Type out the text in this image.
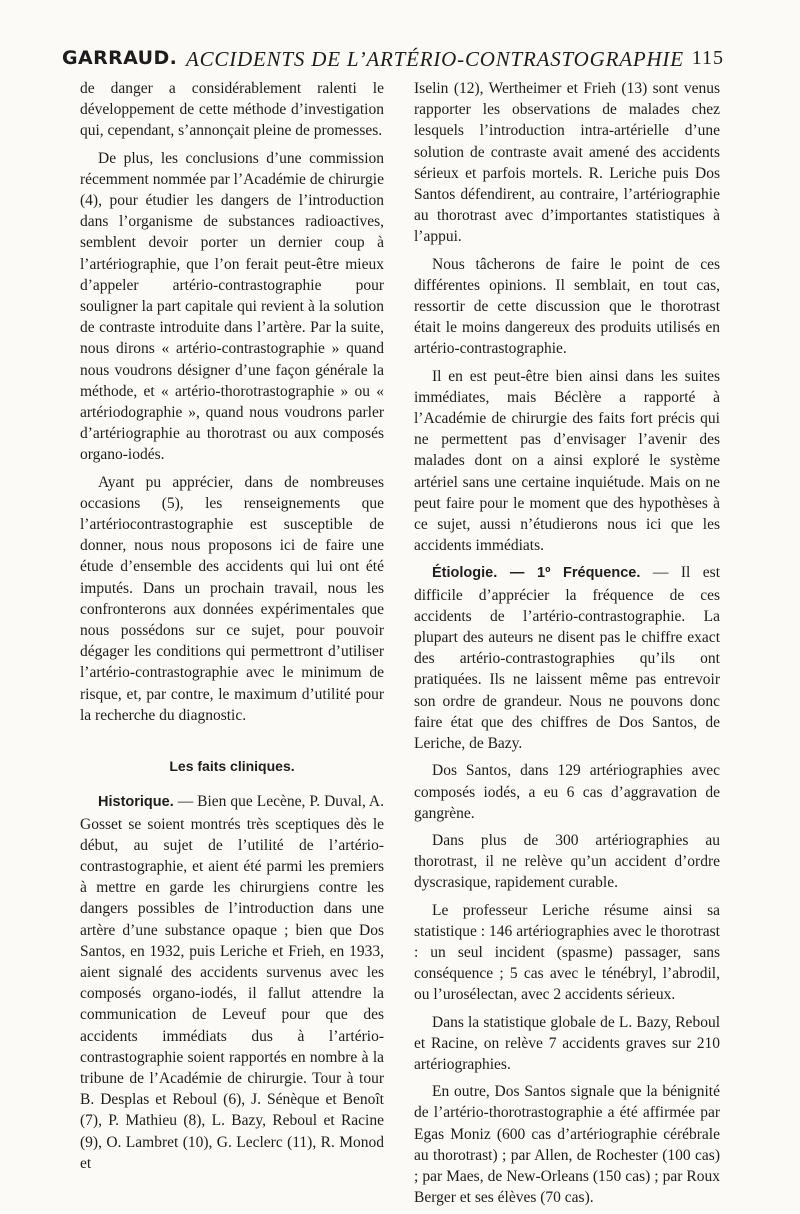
GARRAUD. ACCIDENTS DE L’ARTÉRIO-CONTRASTOGRAPHIE 115

de danger a considérablement ralenti le développement de cette méthode d’investigation qui, cependant, s’annonçait pleine de promesses.

De plus, les conclusions d’une commission récemment nommée par l’Académie de chirurgie (4), pour étudier les dangers de l’introduction dans l’organisme de substances radioactives, semblent devoir porter un dernier coup à l’artériographie, que l’on ferait peut-être mieux d’appeler artério-contrastographie pour souligner la part capitale qui revient à la solution de contraste introduite dans l’artère. Par la suite, nous dirons « artério-contrastographie » quand nous voudrons désigner d’une façon générale la méthode, et « artério-thorotrastographie » ou « artériodographie », quand nous voudrons parler d’artériographie au thorotrast ou aux composés organo-iodés.

Ayant pu apprécier, dans de nombreuses occasions (5), les renseignements que l’artériocontrastographie est susceptible de donner, nous nous proposons ici de faire une étude d’ensemble des accidents qui lui ont été imputés. Dans un prochain travail, nous les confronterons aux données expérimentales que nous possédons sur ce sujet, pour pouvoir dégager les conditions qui permettront d’utiliser l’artério-contrastographie avec le minimum de risque, et, par contre, le maximum d’utilité pour la recherche du diagnostic.

Les faits cliniques.

Historique. — Bien que Lecène, P. Duval, A. Gosset se soient montrés très sceptiques dès le début, au sujet de l’utilité de l’artério-contrastographie, et aient été parmi les premiers à mettre en garde les chirurgiens contre les dangers possibles de l’introduction dans une artère d’une substance opaque ; bien que Dos Santos, en 1932, puis Leriche et Frieh, en 1933, aient signalé des accidents survenus avec les composés organo-iodés, il fallut attendre la communication de Leveuf pour que des accidents immédiats dus à l’artério-contrastographie soient rapportés en nombre à la tribune de l’Académie de chirurgie. Tour à tour B. Desplas et Reboul (6), J. Sénèque et Benoît (7), P. Mathieu (8), L. Bazy, Reboul et Racine (9), O. Lambret (10), G. Leclerc (11), R. Monod et

Iselin (12), Wertheimer et Frieh (13) sont venus rapporter les observations de malades chez lesquels l’introduction intra-artérielle d’une solution de contraste avait amené des accidents sérieux et parfois mortels. R. Leriche puis Dos Santos défendirent, au contraire, l’artériographie au thorotrast avec d’importantes statistiques à l’appui.

Nous tâcherons de faire le point de ces différentes opinions. Il semblait, en tout cas, ressortir de cette discussion que le thorotrast était le moins dangereux des produits utilisés en artério-contrastographie.

Il en est peut-être bien ainsi dans les suites immédiates, mais Béclère a rapporté à l’Académie de chirurgie des faits fort précis qui ne permettent pas d’envisager l’avenir des malades dont on a ainsi exploré le système artériel sans une certaine inquiétude. Mais on ne peut faire pour le moment que des hypothèses à ce sujet, aussi n’étudierons nous ici que les accidents immédiats.

Étiologie. — 1º Fréquence. — Il est difficile d’apprécier la fréquence de ces accidents de l’artério-contrastographie. La plupart des auteurs ne disent pas le chiffre exact des artério-contrastographies qu’ils ont pratiquées. Ils ne laissent même pas entrevoir son ordre de grandeur. Nous ne pouvons donc faire état que des chiffres de Dos Santos, de Leriche, de Bazy.

Dos Santos, dans 129 artériographies avec composés iodés, a eu 6 cas d’aggravation de gangrène.

Dans plus de 300 artériographies au thorotrast, il ne relève qu’un accident d’ordre dyscrasique, rapidement curable.

Le professeur Leriche résume ainsi sa statistique : 146 artériographies avec le thorotrast : un seul incident (spasme) passager, sans conséquence ; 5 cas avec le ténébryl, l’abrodil, ou l’urosélectan, avec 2 accidents sérieux.

Dans la statistique globale de L. Bazy, Reboul et Racine, on relève 7 accidents graves sur 210 artériographies.

En outre, Dos Santos signale que la bénignité de l’artério-thorotrastographie a été affirmée par Egas Moniz (600 cas d’artériographie cérébrale au thorotrast) ; par Allen, de Rochester (100 cas) ; par Maes, de New-Orleans (150 cas) ; par Roux Berger et ses élèves (70 cas).
